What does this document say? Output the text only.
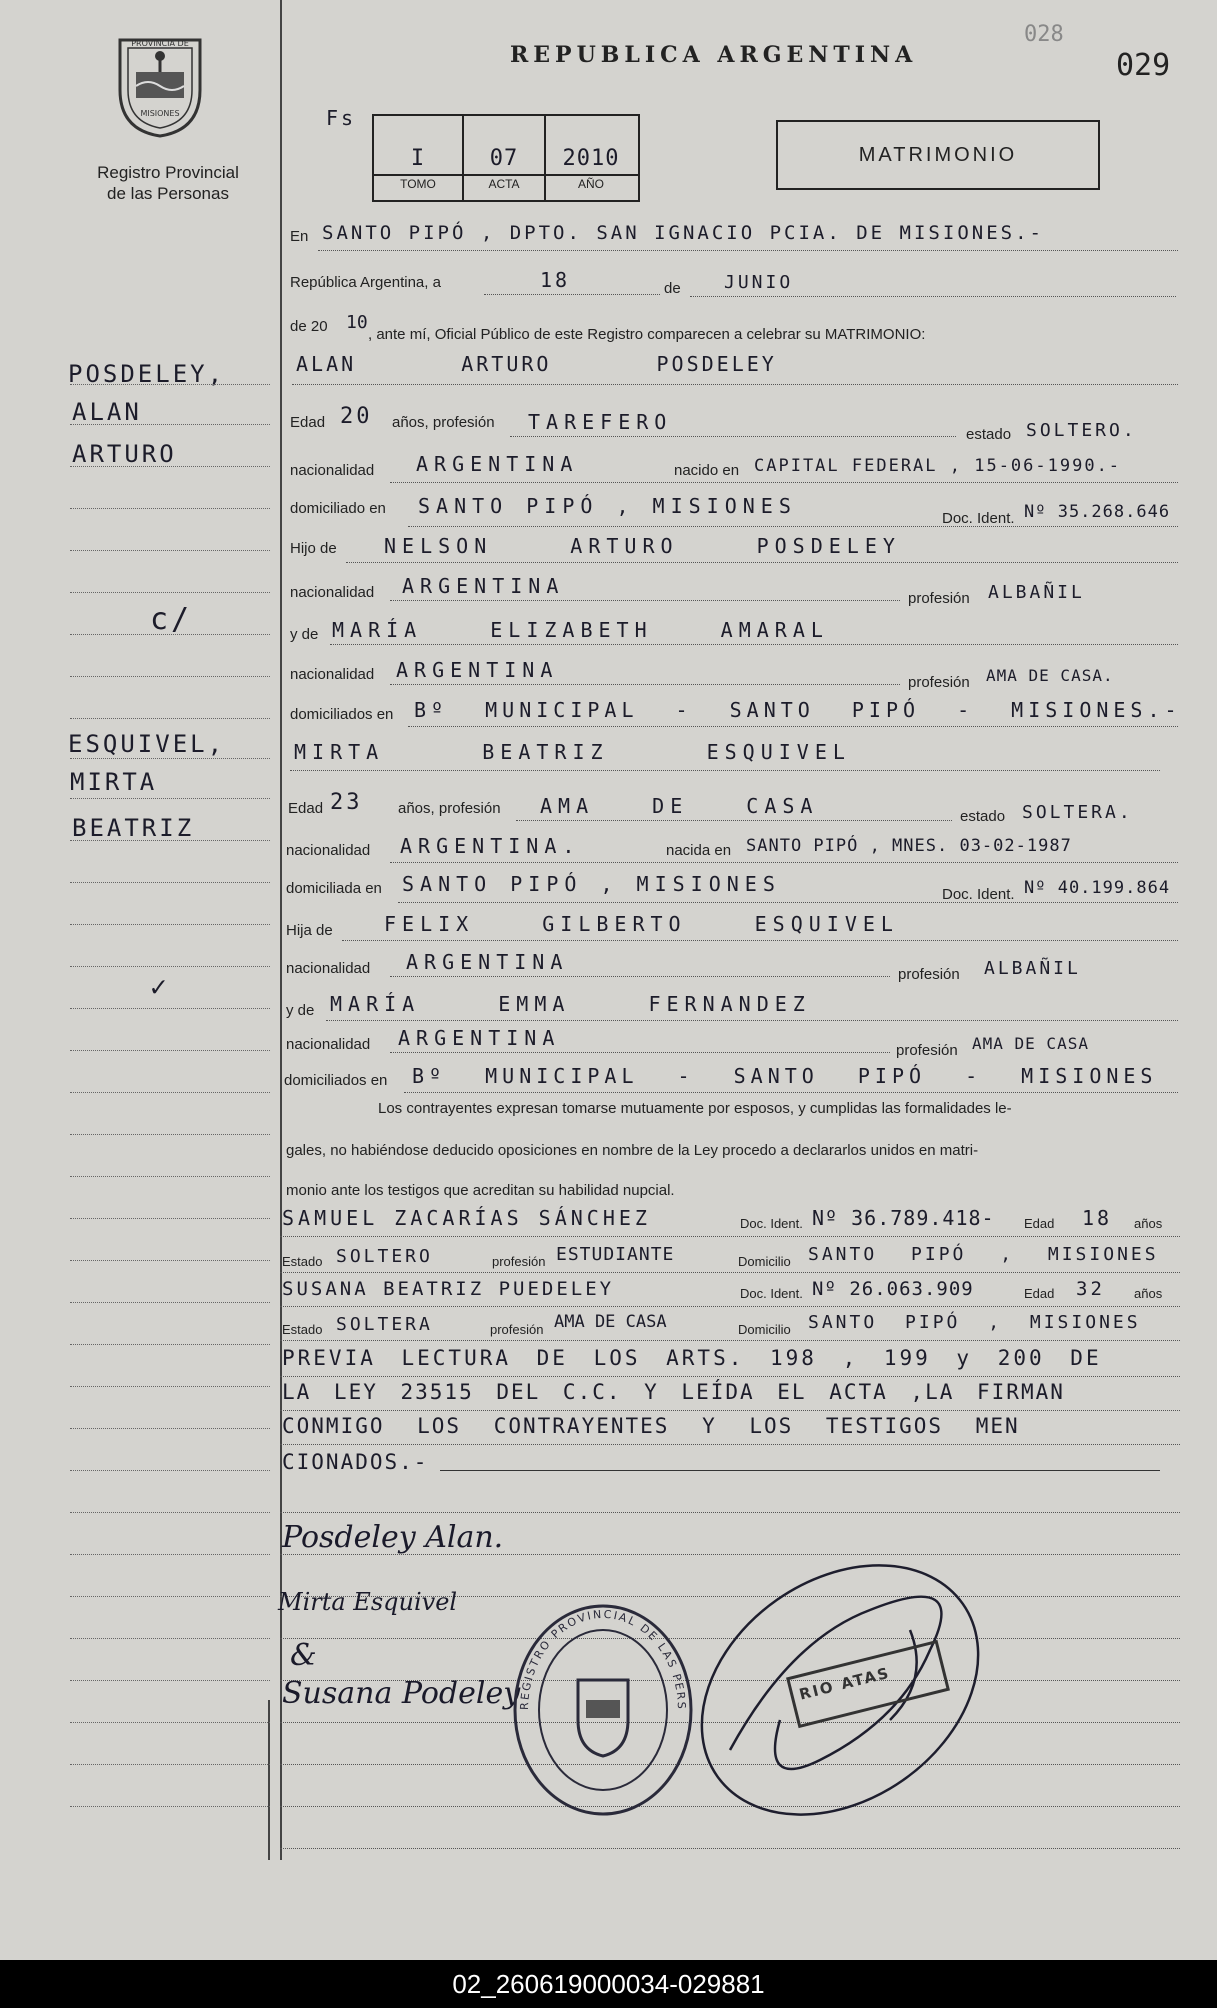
PROVINCIA DE
MISIONES
Registro Provincial
de las Personas
REPUBLICA ARGENTINA
028
029
Fs
I	07	2010
TOMO	ACTA	AÑO
MATRIMONIO
POSDELEY,
ALAN
ARTURO
c/
ESQUIVEL,
MIRTA
BEATRIZ
✓
En SANTO PIPÓ , DPTO. SAN IGNACIO PCIA. DE MISIONES.-
República Argentina, a	18	de JUNIO
de 20 10
, ante mí, Oficial Público de este Registro comparecen a celebrar su MATRIMONIO:
ALAN ARTURO POSDELEY
Edad 20 años, profesión TAREFERO
estado SOLTERO.
nacionalidad ARGENTINA	nacido en CAPITAL FEDERAL , 15-06-1990.-
domiciliado en SANTO PIPÓ , MISIONES
Doc. Ident. Nº 35.268.646
Hijo de NELSON ARTURO POSDELEY
nacionalidad ARGENTINA
profesión ALBAÑIL
y de MARÍA ELIZABETH AMARAL
nacionalidad ARGENTINA
profesión AMA DE CASA.
domiciliados en Bº MUNICIPAL - SANTO PIPÓ - MISIONES.-
MIRTA BEATRIZ ESQUIVEL
Edad 23 años, profesión AMA DE CASA	estado SOLTERA.
nacionalidad ARGENTINA.	nacida en SANTO PIPÓ , MNES. 03-02-1987
domiciliada en SANTO PIPÓ , MISIONES	Doc. Ident. Nº 40.199.864
Hija de	FELIX GILBERTO ESQUIVEL
nacionalidad ARGENTINA
profesión ALBAÑIL
y de MARÍA EMMA FERNANDEZ
nacionalidad ARGENTINA
profesión AMA DE CASA
domiciliados en Bº MUNICIPAL - SANTO PIPÓ - MISIONES
Los contrayentes expresan tomarse mutuamente por esposos, y cumplidas las formalidades le-
gales, no habiéndose deducido oposiciones en nombre de la Ley procedo a declararlos unidos en matri-
monio ante los testigos que acreditan su habilidad nupcial.
SAMUEL ZACARÍAS SÁNCHEZ	Doc. Ident. Nº 36.789.418- Edad 18 años
Estado SOLTERO	profesión ESTUDIANTE	Domicilio SANTO PIPÓ , MISIONES
SUSANA BEATRIZ PUEDELEY	Doc. Ident. Nº 26.063.909	Edad 32 años
Estado SOLTERA	profesión AMA DE CASA	Domicilio SANTO PIPÓ , MISIONES
PREVIA LECTURA DE LOS ARTS. 198 , 199 y 200 DE
LA LEY 23515 DEL C.C. Y LEÍDA EL ACTA ,LA FIRMAN
CONMIGO LOS CONTRAYENTES Y LOS TESTIGOS MEN
CIONADOS.-
Posdeley Alan.
Mirta Esquivel
&
Susana Podeley
REGISTRO PROVINCIAL DE LAS PERS
RIO ATAS
02_260619000034-029881
